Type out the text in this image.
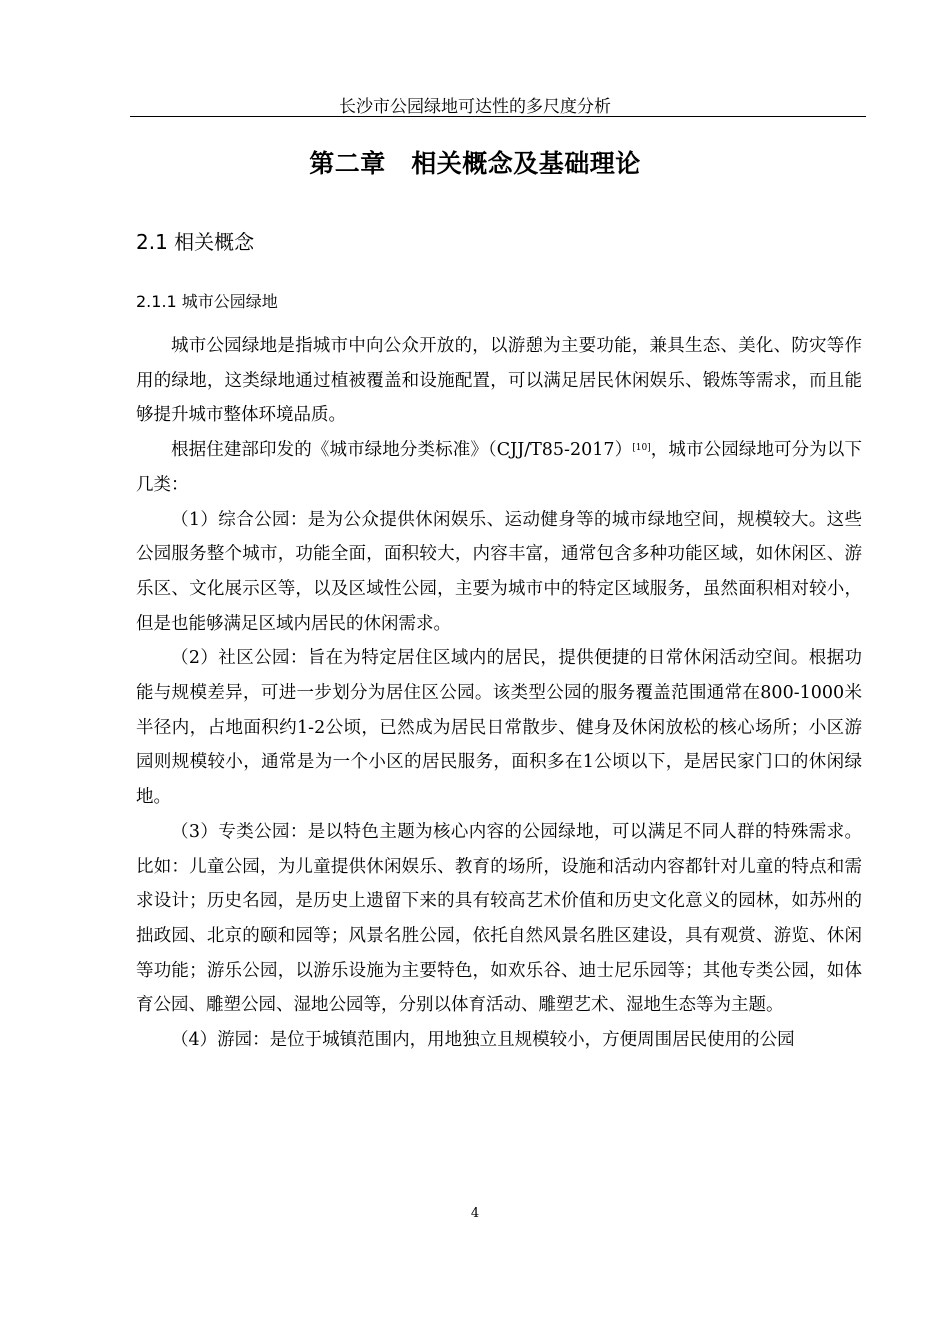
长沙市公园绿地可达性的多尺度分析
第二章　相关概念及基础理论
2.1 相关概念
2.1.1 城市公园绿地

城市公园绿地是指城市中向公众开放的，以游憩为主要功能，兼具生态、美化、防灾等作用的绿地，这类绿地通过植被覆盖和设施配置，可以满足居民休闲娱乐、锻炼等需求，而且能够提升城市整体环境品质。

根据住建部印发的《城市绿地分类标准》（CJJ/T85-2017）[10]，城市公园绿地可分为以下几类：

（1）综合公园：是为公众提供休闲娱乐、运动健身等的城市绿地空间，规模较大。这些公园服务整个城市，功能全面，面积较大，内容丰富，通常包含多种功能区域，如休闲区、游乐区、文化展示区等，以及区域性公园，主要为城市中的特定区域服务，虽然面积相对较小，但是也能够满足区域内居民的休闲需求。

（2）社区公园：旨在为特定居住区域内的居民，提供便捷的日常休闲活动空间。根据功能与规模差异，可进一步划分为居住区公园。该类型公园的服务覆盖范围通常在800-1000米半径内，占地面积约1-2公顷，已然成为居民日常散步、健身及休闲放松的核心场所；小区游园则规模较小，通常是为一个小区的居民服务，面积多在1公顷以下，是居民家门口的休闲绿地。

（3）专类公园：是以特色主题为核心内容的公园绿地，可以满足不同人群的特殊需求。比如：儿童公园，为儿童提供休闲娱乐、教育的场所，设施和活动内容都针对儿童的特点和需求设计；历史名园，是历史上遗留下来的具有较高艺术价值和历史文化意义的园林，如苏州的拙政园、北京的颐和园等；风景名胜公园，依托自然风景名胜区建设，具有观赏、游览、休闲等功能；游乐公园，以游乐设施为主要特色，如欢乐谷、迪士尼乐园等；其他专类公园，如体育公园、雕塑公园、湿地公园等，分别以体育活动、雕塑艺术、湿地生态等为主题。

（4）游园：是位于城镇范围内，用地独立且规模较小，方便周围居民使用的公园

4
